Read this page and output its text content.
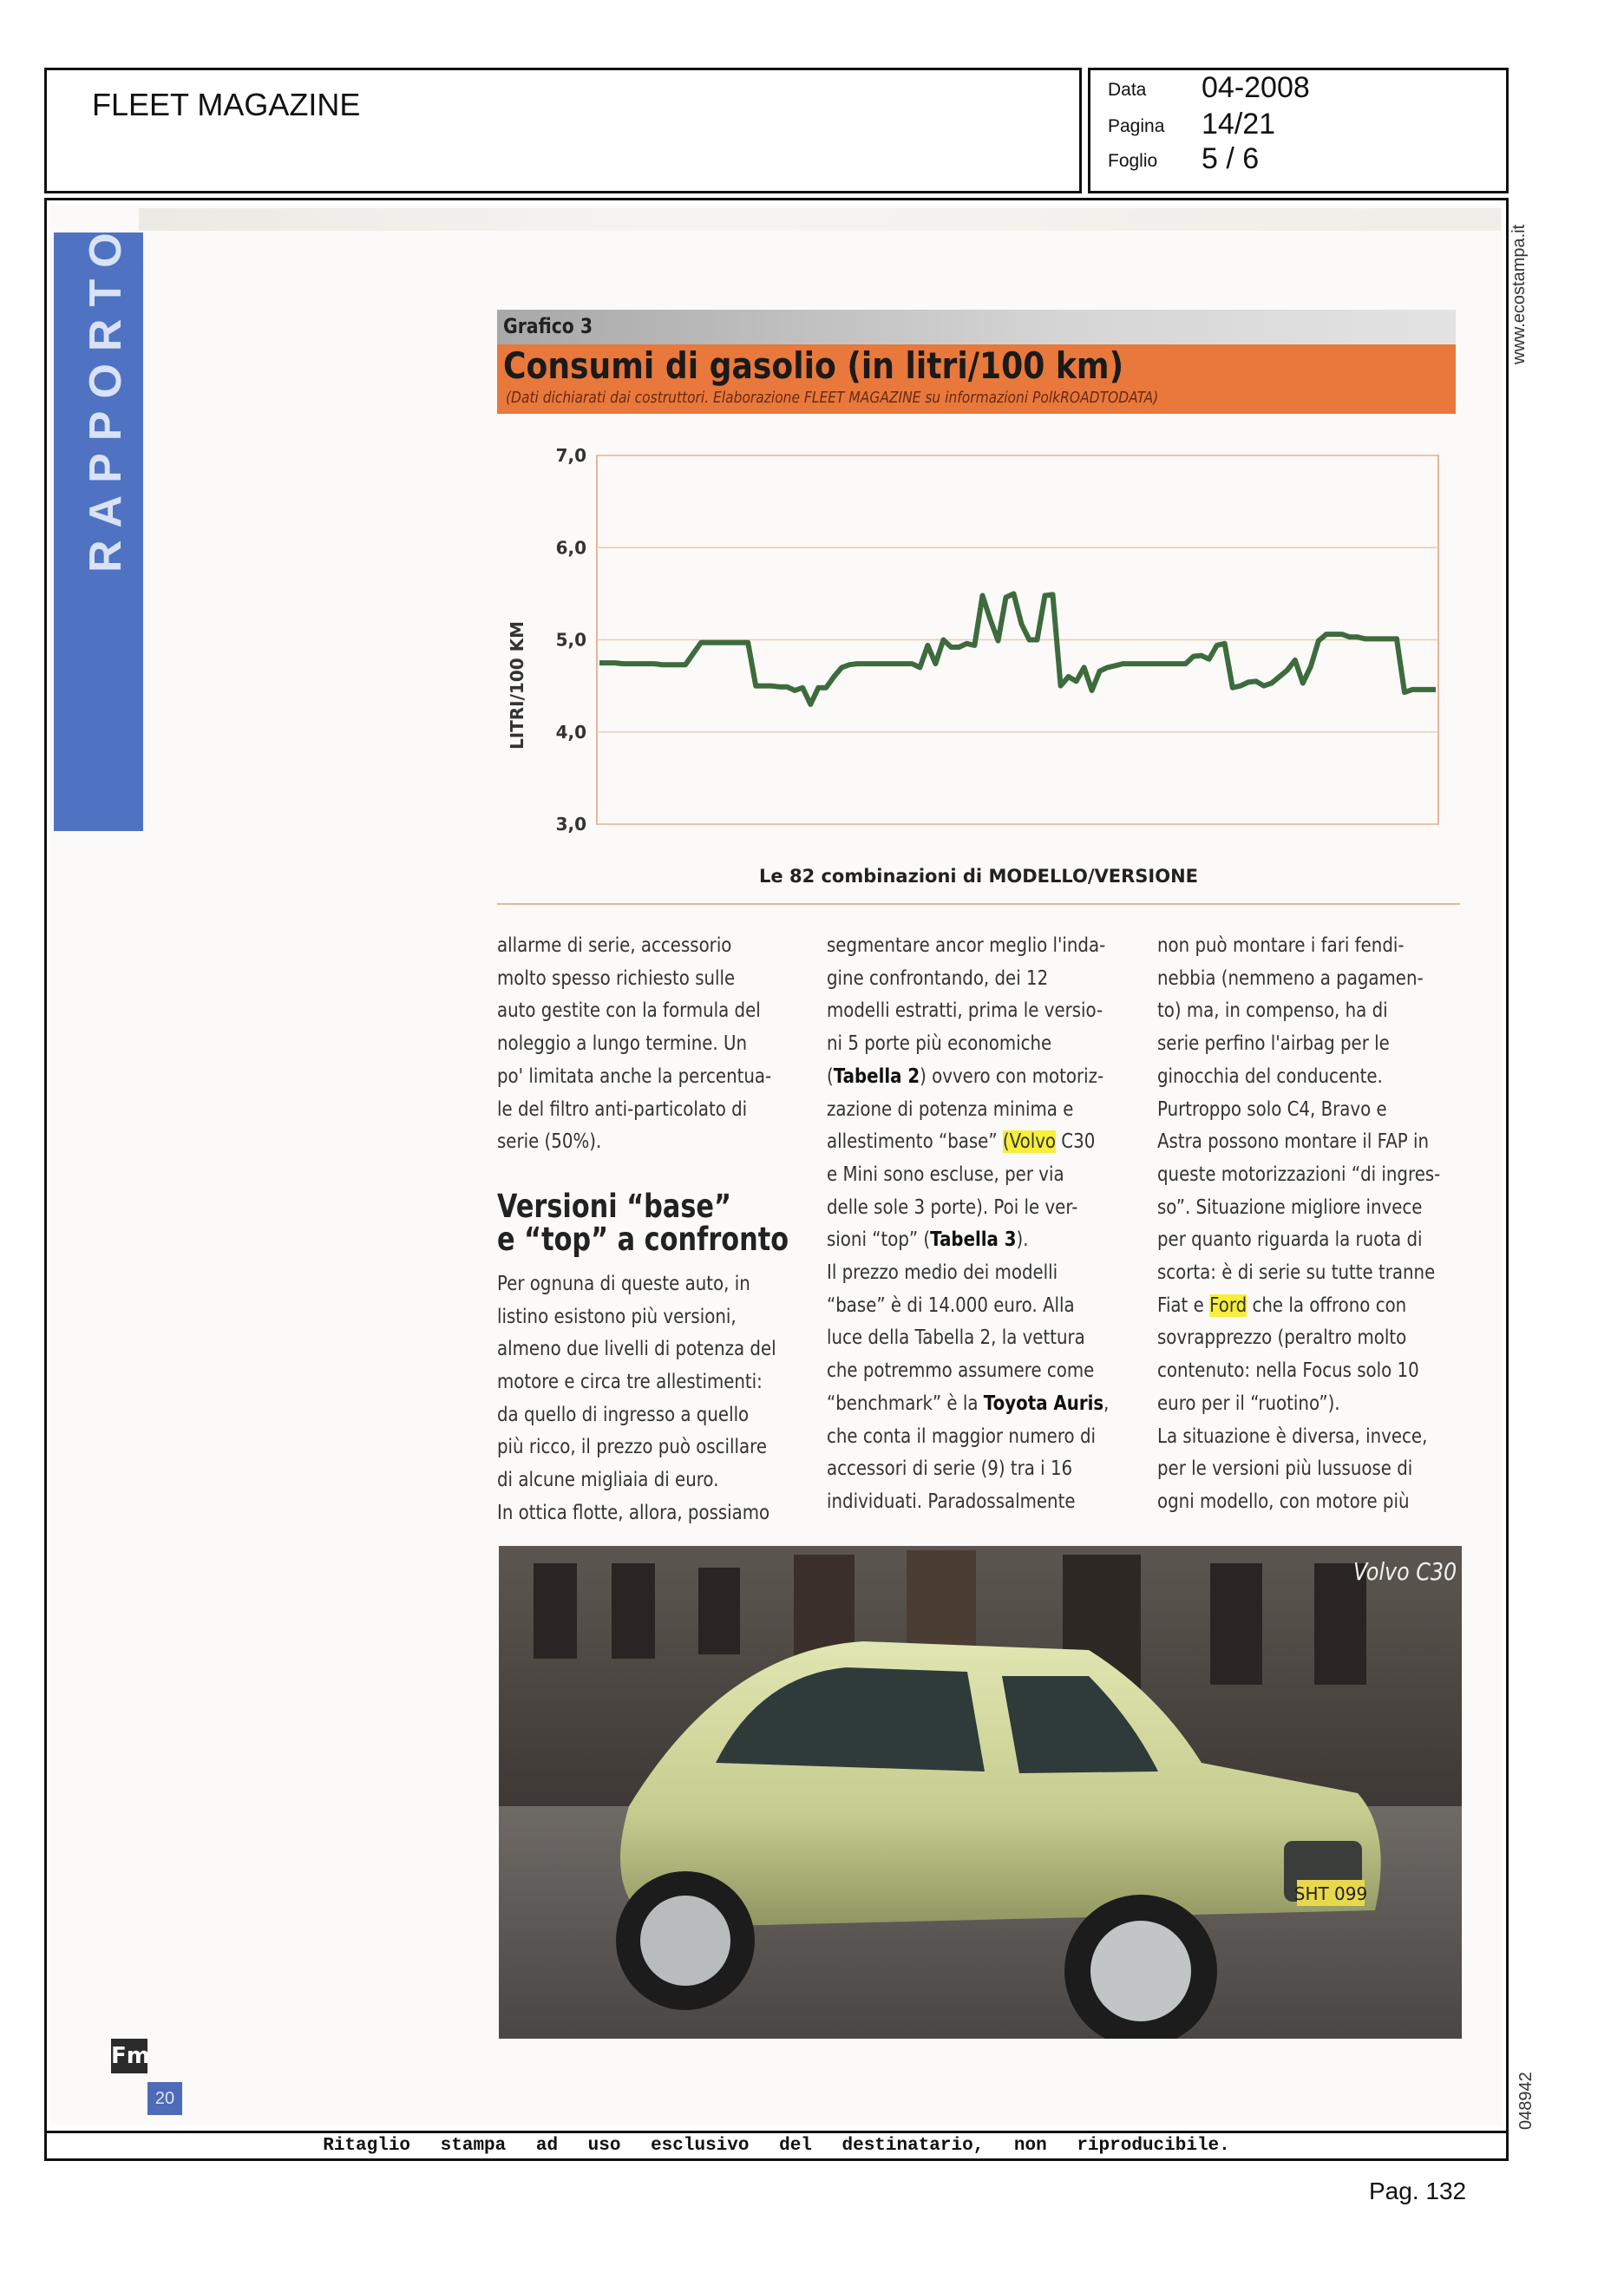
FLEET MAGAZINE	Data 04-2008
Pagina 14/21
Foglio 5 / 6
Ritaglio stampa ad uso esclusivo del destinatario, non riproducibile.
Pag. 132
www.ecostampa.it
048942
RAPPORTO	Grafico 3
Consumi di gasolio (in litri/100 km)
(Dati dichiarati dai costruttori. Elaborazione FLEET MAGAZINE su informazioni PolkROADTODATA)
7,0
6,0
5,0
4,0
3,0
LITRI/100 KM
Le 82 combinazioni di MODELLO/VERSIONE
allarme di serie, accessorio
molto spesso richiesto sulle
auto gestite con la formula del
noleggio a lungo termine. Un
po' limitata anche la percentua-
le del filtro anti-particolato di
serie (50%).
Versioni “base”
e “top” a confronto
Per ognuna di queste auto, in
listino esistono più versioni,
almeno due livelli di potenza del
motore e circa tre allestimenti:
da quello di ingresso a quello
più ricco, il prezzo può oscillare
di alcune migliaia di euro.
In ottica flotte, allora, possiamo
segmentare ancor meglio l'inda-
gine confrontando, dei 12
modelli estratti, prima le versio-
ni 5 porte più economiche
(Tabella 2) ovvero con motoriz-
zazione di potenza minima e
allestimento “base” (Volvo C30
e Mini sono escluse, per via
delle sole 3 porte). Poi le ver-
sioni “top” (Tabella 3).
Il prezzo medio dei modelli
“base” è di 14.000 euro. Alla
luce della Tabella 2, la vettura
che potremmo assumere come
“benchmark” è la Toyota Auris,
che conta il maggior numero di
accessori di serie (9) tra i 16
individuati. Paradossalmente
non può montare i fari fendi-
nebbia (nemmeno a pagamen-
to) ma, in compenso, ha di
serie perfino l'airbag per le
ginocchia del conducente.
Purtroppo solo C4, Bravo e
Astra possono montare il FAP in
queste motorizzazioni “di ingres-
so”. Situazione migliore invece
per quanto riguarda la ruota di
scorta: è di serie su tutte tranne
Fiat e Ford che la offrono con
sovrapprezzo (peraltro molto
contenuto: nella Focus solo 10
euro per il “ruotino”).
La situazione è diversa, invece,
per le versioni più lussuose di
ogni modello, con motore più
SHT 099
Volvo C30
Fm
20
